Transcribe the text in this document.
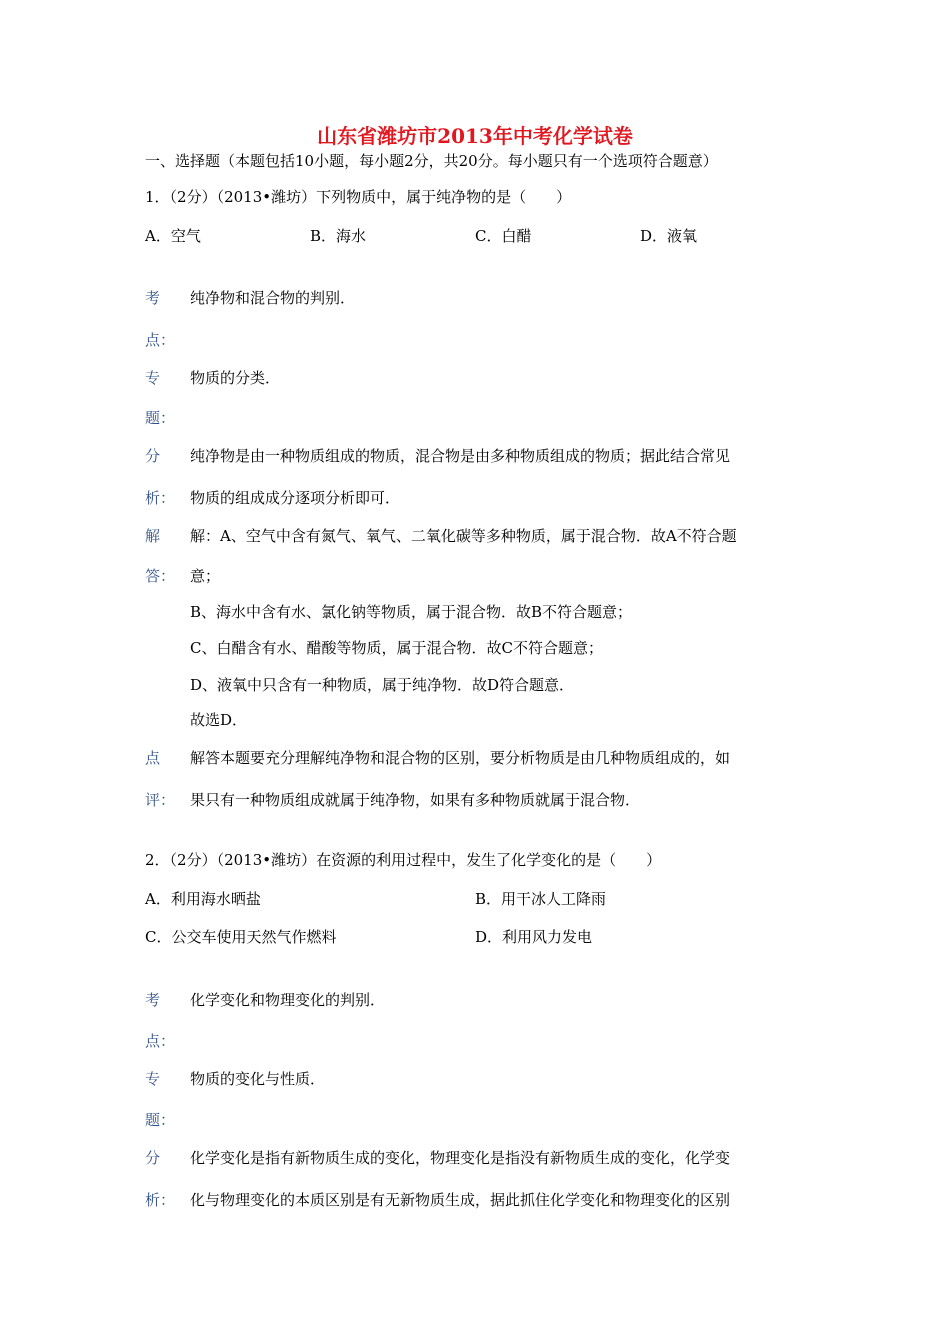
山东省潍坊市2013年中考化学试卷
一、选择题（本题包括10小题，每小题2分，共20分。每小题只有一个选项符合题意）
1．（2分）（2013•潍坊）下列物质中，属于纯净物的是（　　）
A．空气	B．海水	C．白醋	D．液氧
考
点：
纯净物和混合物的判别．
专
题：
物质的分类．
分
析：
纯净物是由一种物质组成的物质，混合物是由多种物质组成的物质；据此结合常见
物质的组成成分逐项分析即可．
解
答：
解：A、空气中含有氮气、氧气、二氧化碳等多种物质，属于混合物．故A不符合题
意；
B、海水中含有水、氯化钠等物质，属于混合物．故B不符合题意；
C、白醋含有水、醋酸等物质，属于混合物．故C不符合题意；
D、液氧中只含有一种物质，属于纯净物．故D符合题意．
故选D．
点
评：
解答本题要充分理解纯净物和混合物的区别，要分析物质是由几种物质组成的，如
果只有一种物质组成就属于纯净物，如果有多种物质就属于混合物．
2．（2分）（2013•潍坊）在资源的利用过程中，发生了化学变化的是（　　）
A．利用海水晒盐	B．用干冰人工降雨
C．公交车使用天然气作燃料	D．利用风力发电
考
点：
化学变化和物理变化的判别．
专
题：
物质的变化与性质．
分
析：
化学变化是指有新物质生成的变化，物理变化是指没有新物质生成的变化，化学变
化与物理变化的本质区别是有无新物质生成，据此抓住化学变化和物理变化的区别
